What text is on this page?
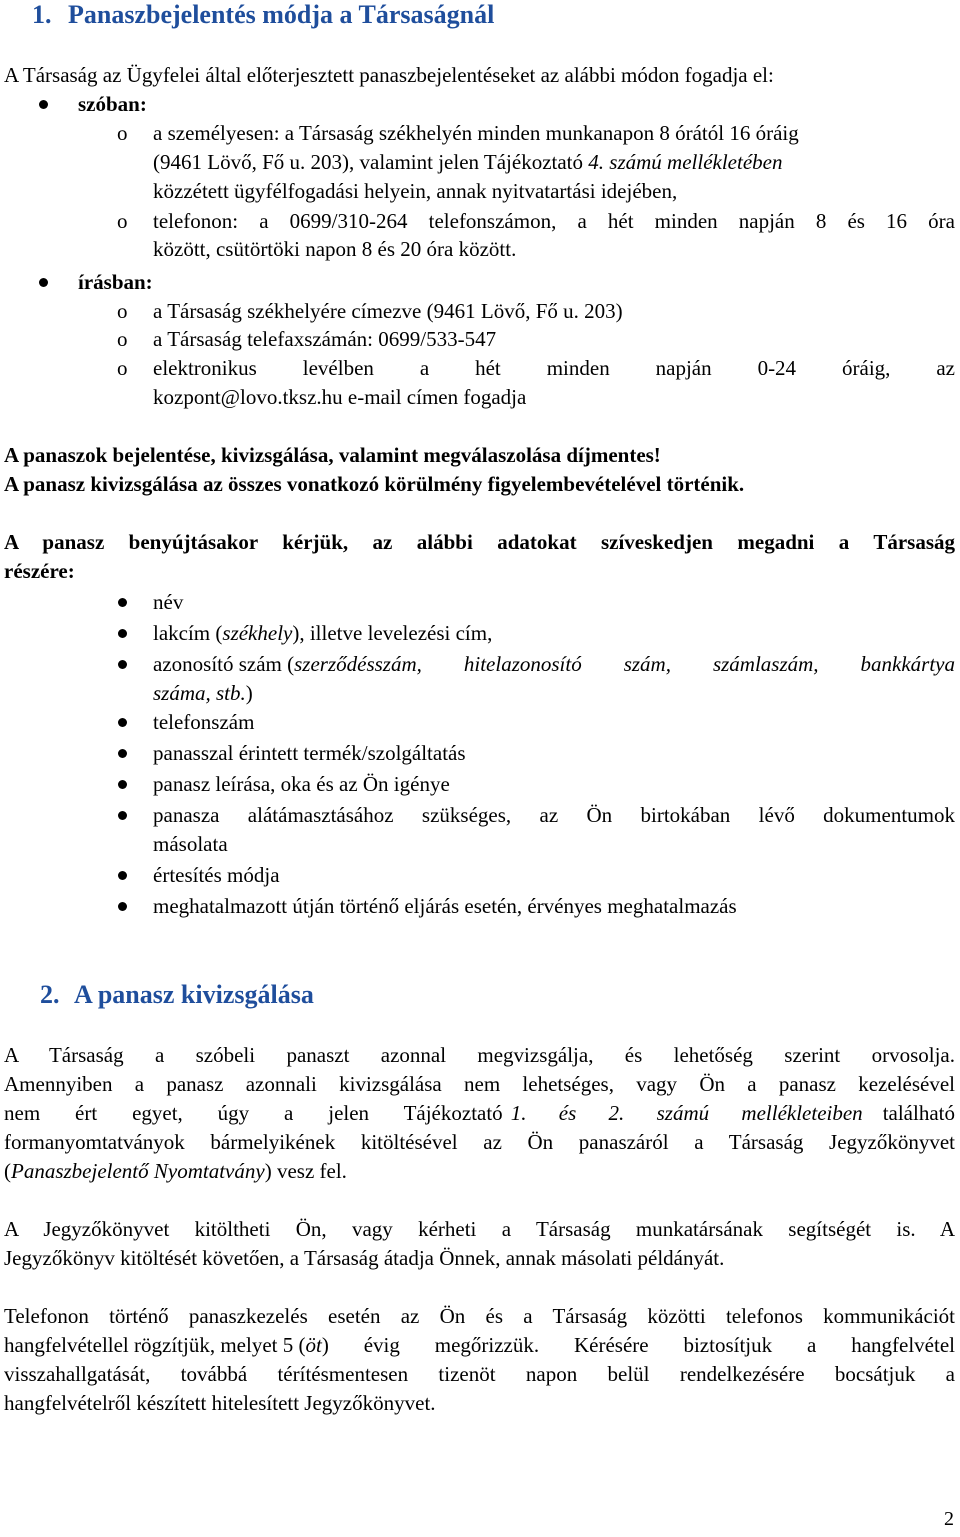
1. Panaszbejelentés módja a Társaságnál
A Társaság az Ügyfelei által előterjesztett panaszbejelentéseket az alábbi módon fogadja el:
szóban:
o a személyesen: a Társaság székhelyén minden munkanapon 8 órától 16 óráig
(9461 Lövő, Fő u. 203), valamint jelen Tájékoztató 4. számú mellékletében
közzétett ügyfélfogadási helyein, annak nyitvatartási idejében,
o telefonon: a 0699/310-264 telefonszámon, a hét minden napján 8 és 16 óra
között, csütörtöki napon 8 és 20 óra között.
írásban:
o a Társaság székhelyére címezve (9461 Lövő, Fő u. 203)
o a Társaság telefaxszámán: 0699/533-547
o elektronikus levélben a hét minden napján 0-24 óráig, az
kozpont@lovo.tksz.hu e-mail címen fogadja
A panaszok bejelentése, kivizsgálása, valamint megválaszolása díjmentes!
A panasz kivizsgálása az összes vonatkozó körülmény figyelembevételével történik.
A panasz benyújtásakor kérjük, az alábbi adatokat szíveskedjen megadni a Társaság
részére:
név
lakcím (székhely), illetve levelezési cím,
azonosító szám ( szerződésszám, hitelazonosító szám, számlaszám, bankkártya
száma, stb.)
telefonszám
panasszal érintett termék/szolgáltatás
panasz leírása, oka és az Ön igénye
panasza alátámasztásához szükséges, az Ön birtokában lévő dokumentumok
másolata
értesítés módja
meghatalmazott útján történő eljárás esetén, érvényes meghatalmazás
2. A panasz kivizsgálása
A Társaság a szóbeli panaszt azonnal megvizsgálja, és lehetőség szerint orvosolja.
Amennyiben a panasz azonnali kivizsgálása nem lehetséges, vagy Ön a panasz kezelésével
nem ért egyet, úgy a jelen Tájékoztató 1. és 2. számú mellékleteiben található
formanyomtatványok bármelyikének kitöltésével az Ön panaszáról a Társaság Jegyzőkönyvet
(Panaszbejelentő Nyomtatvány) vesz fel.
A Jegyzőkönyvet kitöltheti Ön, vagy kérheti a Társaság munkatársának segítségét is. A
Jegyzőkönyv kitöltését követően, a Társaság átadja Önnek, annak másolati példányát.
Telefonon történő panaszkezelés esetén az Ön és a Társaság közötti telefonos kommunikációt
hangfelvétellel rögzítjük, melyet 5 ( öt ) évig megőrizzük. Kérésére biztosítjuk a hangfelvétel
visszahallgatását, továbbá térítésmentesen tizenöt napon belül rendelkezésére bocsátjuk a
hangfelvételről készített hitelesített Jegyzőkönyvet.
2
